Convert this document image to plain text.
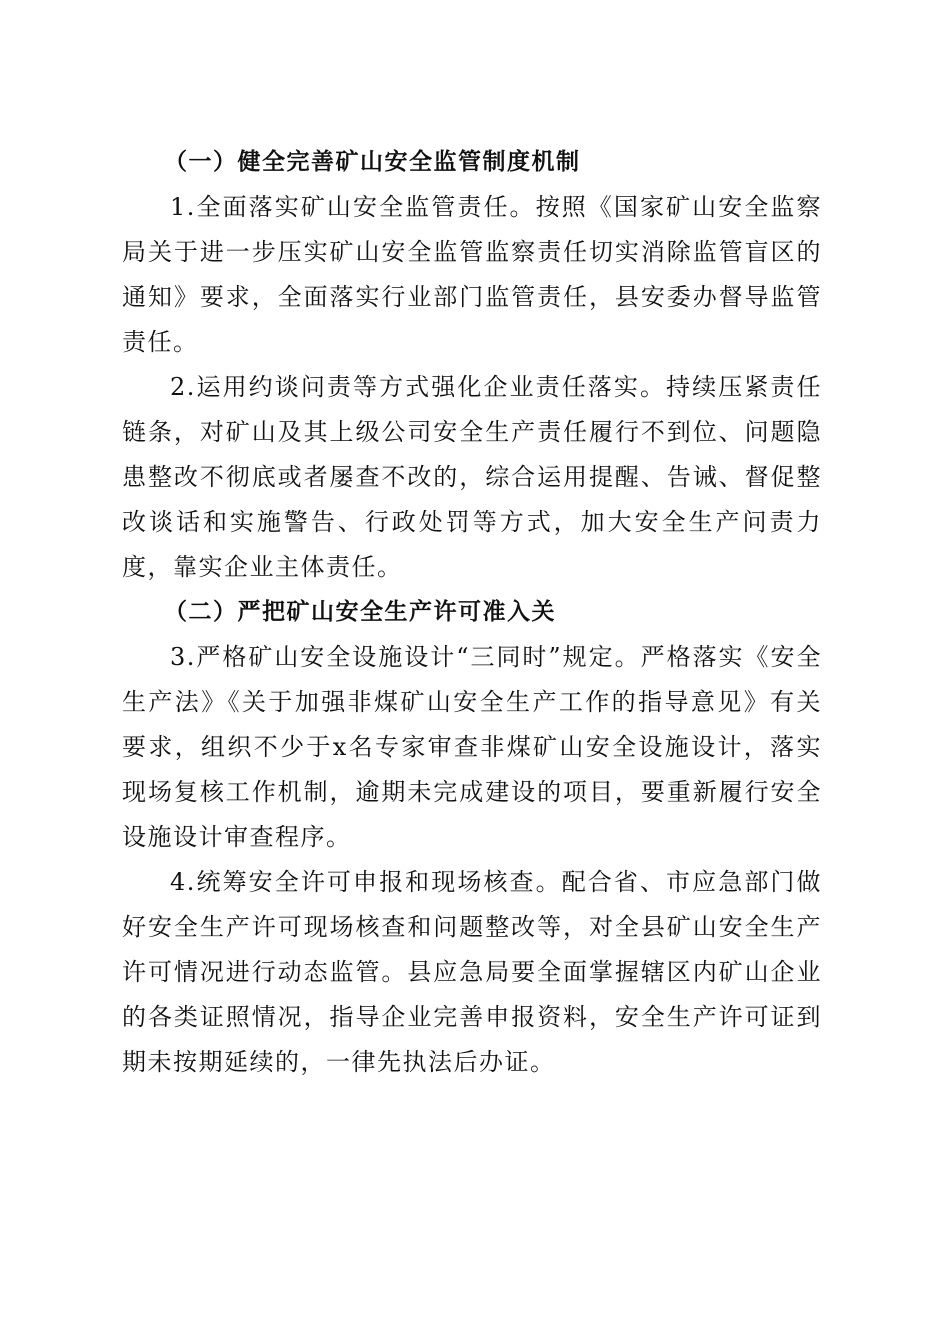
（一）健全完善矿山安全监管制度机制

1.全面落实矿山安全监管责任。按照《国家矿山安全监察局关于进一步压实矿山安全监管监察责任切实消除监管盲区的通知》要求，全面落实行业部门监管责任，县安委办督导监管责任。

2.运用约谈问责等方式强化企业责任落实。持续压紧责任链条，对矿山及其上级公司安全生产责任履行不到位、问题隐患整改不彻底或者屡查不改的，综合运用提醒、告诫、督促整改谈话和实施警告、行政处罚等方式，加大安全生产问责力度，靠实企业主体责任。

（二）严把矿山安全生产许可准入关

3.严格矿山安全设施设计“三同时”规定。严格落实《安全生产法》《关于加强非煤矿山安全生产工作的指导意见》有关要求，组织不少于x名专家审查非煤矿山安全设施设计，落实现场复核工作机制，逾期未完成建设的项目，要重新履行安全设施设计审查程序。

4.统筹安全许可申报和现场核查。配合省、市应急部门做好安全生产许可现场核查和问题整改等，对全县矿山安全生产许可情况进行动态监管。县应急局要全面掌握辖区内矿山企业的各类证照情况，指导企业完善申报资料，安全生产许可证到期未按期延续的，一律先执法后办证。
